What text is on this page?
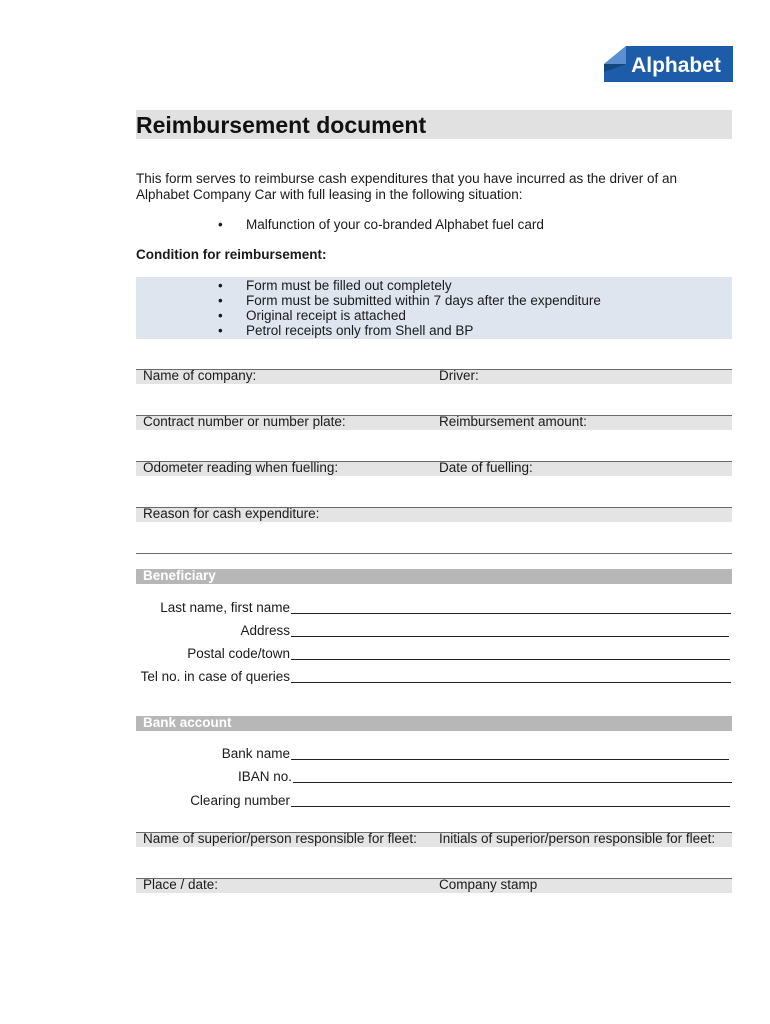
Alphabet
Reimbursement document

This form serves to reimburse cash expenditures that you have incurred as the driver of an Alphabet Company Car with full leasing in the following situation:

• Malfunction of your co-branded Alphabet fuel card

Condition for reimbursement:

• Form must be filled out completely
• Form must be submitted within 7 days after the expenditure
• Original receipt is attached
• Petrol receipts only from Shell and BP
Name of company:	Driver:
Contract number or number plate:	Reimbursement amount:
Odometer reading when fuelling:	Date of fuelling:
Reason for cash expenditure:
Beneficiary
Last name, first name
Address
Postal code/town
Tel no. in case of queries
Bank account
Bank name
IBAN no.
Clearing number
Name of superior/person responsible for fleet: Initials of superior/person responsible for fleet:
Place / date:	Company stamp
